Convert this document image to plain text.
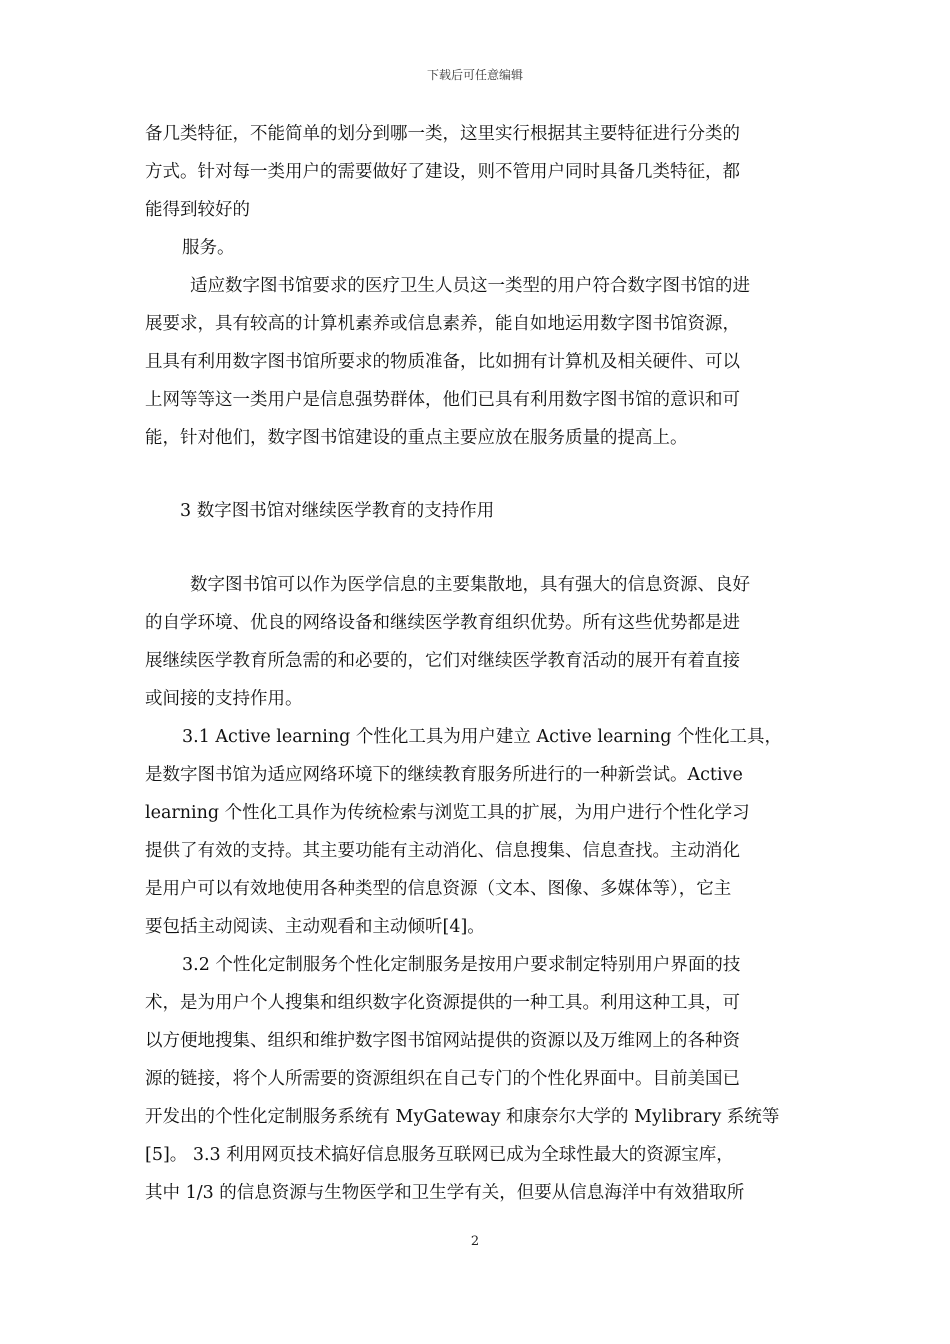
下载后可任意编辑
备几类特征，不能简单的划分到哪一类，这里实行根据其主要特征进行分类的
方式。针对每一类用户的需要做好了建设，则不管用户同时具备几类特征，都
能得到较好的
服务。
适应数字图书馆要求的医疗卫生人员这一类型的用户符合数字图书馆的进
展要求，具有较高的计算机素养或信息素养，能自如地运用数字图书馆资源，
且具有利用数字图书馆所要求的物质准备，比如拥有计算机及相关硬件、可以
上网等等这一类用户是信息强势群体，他们已具有利用数字图书馆的意识和可
能，针对他们，数字图书馆建设的重点主要应放在服务质量的提高上。
3 数字图书馆对继续医学教育的支持作用
数字图书馆可以作为医学信息的主要集散地，具有强大的信息资源、良好
的自学环境、优良的网络设备和继续医学教育组织优势。所有这些优势都是进
展继续医学教育所急需的和必要的，它们对继续医学教育活动的展开有着直接
或间接的支持作用。
3.1 Active learning 个性化工具为用户建立 Active learning 个性化工具，
是数字图书馆为适应网络环境下的继续教育服务所进行的一种新尝试。Active
learning 个性化工具作为传统检索与浏览工具的扩展，为用户进行个性化学习
提供了有效的支持。其主要功能有主动消化、信息搜集、信息查找。主动消化
是用户可以有效地使用各种类型的信息资源（文本、图像、多媒体等），它主
要包括主动阅读、主动观看和主动倾听[4]。
3.2 个性化定制服务个性化定制服务是按用户要求制定特别用户界面的技
术，是为用户个人搜集和组织数字化资源提供的一种工具。利用这种工具，可
以方便地搜集、组织和维护数字图书馆网站提供的资源以及万维网上的各种资
源的链接，将个人所需要的资源组织在自己专门的个性化界面中。目前美国已
开发出的个性化定制服务系统有 MyGateway 和康奈尔大学的 Mylibrary 系统等
[5]。 3.3 利用网页技术搞好信息服务互联网已成为全球性最大的资源宝库，
其中 1/3 的信息资源与生物医学和卫生学有关，但要从信息海洋中有效猎取所
2
